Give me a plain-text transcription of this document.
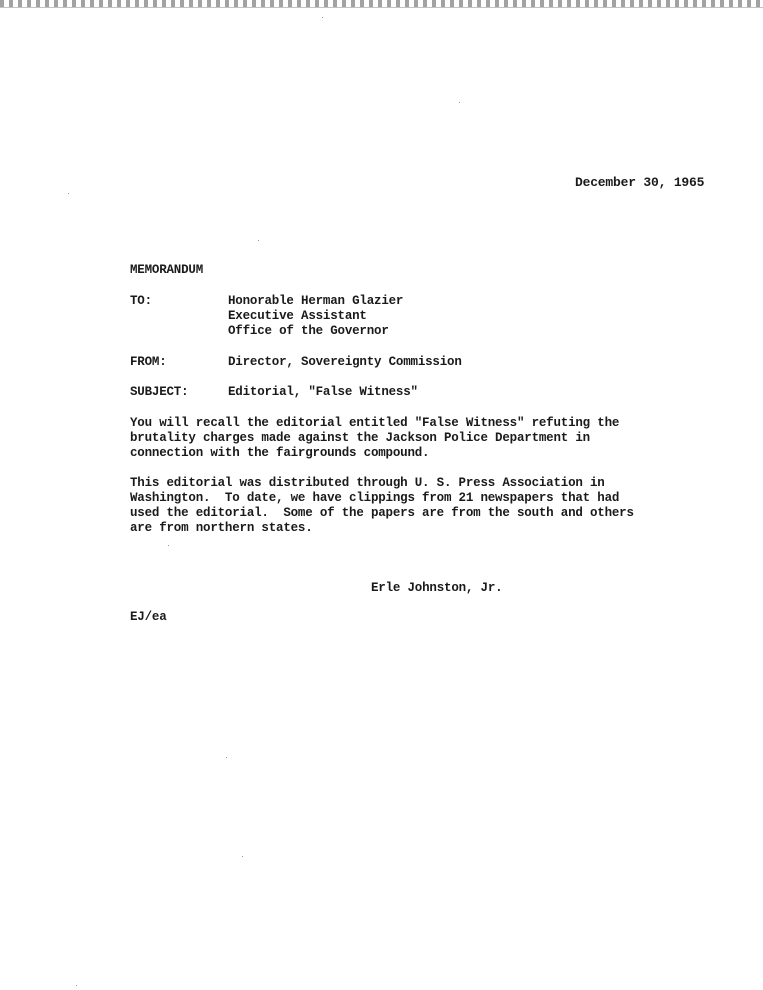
December 30, 1965
MEMORANDUM
TO:	Honorable Herman Glazier
Executive Assistant
Office of the Governor
FROM:	Director, Sovereignty Commission
SUBJECT:	Editorial, "False Witness"
You will recall the editorial entitled "False Witness" refuting the
brutality charges made against the Jackson Police Department in
connection with the fairgrounds compound.
This editorial was distributed through U. S. Press Association in
Washington.  To date, we have clippings from 21 newspapers that had
used the editorial.  Some of the papers are from the south and others
are from northern states.
Erle Johnston, Jr.
EJ/ea
